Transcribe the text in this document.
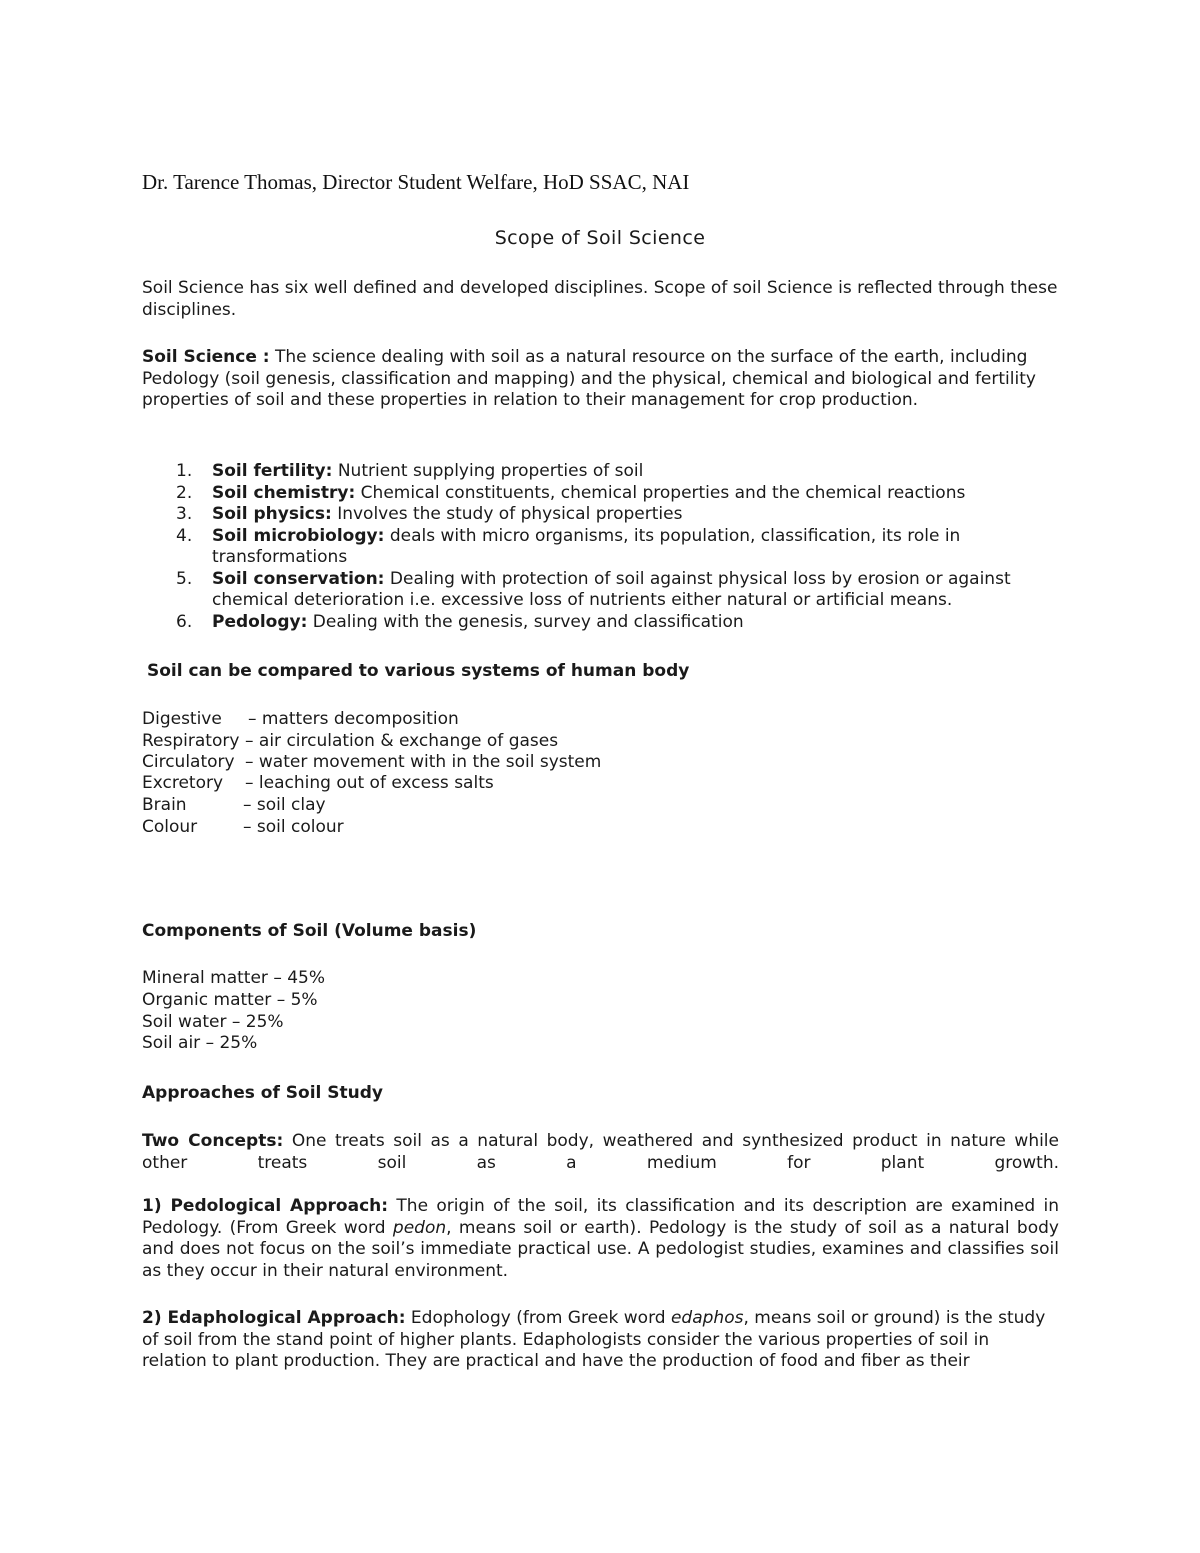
Dr. Tarence Thomas, Director Student Welfare, HoD SSAC, NAI
Scope of Soil Science
Soil Science has six well defined and developed disciplines. Scope of soil Science is reflected through these disciplines.
Soil Science : The science dealing with soil as a natural resource on the surface of the earth, including Pedology (soil genesis, classification and mapping) and the physical, chemical and biological and fertility properties of soil and these properties in relation to their management for crop production.
1. Soil fertility: Nutrient supplying properties of soil
2. Soil chemistry: Chemical constituents, chemical properties and the chemical reactions
3. Soil physics: Involves the study of physical properties
4. Soil microbiology: deals with micro organisms, its population, classification, its role in transformations
5. Soil conservation: Dealing with protection of soil against physical loss by erosion or against chemical deterioration i.e. excessive loss of nutrients either natural or artificial means.
6. Pedology: Dealing with the genesis, survey and classification
Soil can be compared to various systems of human body
Digestive – matters decomposition
Respiratory – air circulation & exchange of gases
Circulatory – water movement with in the soil system
Excretory – leaching out of excess salts
Brain	– soil clay
Colour	– soil colour
Components of Soil (Volume basis)
Mineral matter – 45%
Organic matter – 5%
Soil water – 25%
Soil air – 25%
Approaches of Soil Study
Two Concepts: One treats soil as a natural body, weathered and synthesized product in nature while other treats soil as a medium for plant growth.
1) Pedological Approach: The origin of the soil, its classification and its description are examined in Pedology. (From Greek word pedon, means soil or earth). Pedology is the study of soil as a natural body and does not focus on the soil’s immediate practical use. A pedologist studies, examines and classifies soil as they occur in their natural environment.
2) Edaphological Approach: Edophology (from Greek word edaphos, means soil or ground) is the study of soil from the stand point of higher plants. Edaphologists consider the various properties of soil in relation to plant production. They are practical and have the production of food and fiber as their
